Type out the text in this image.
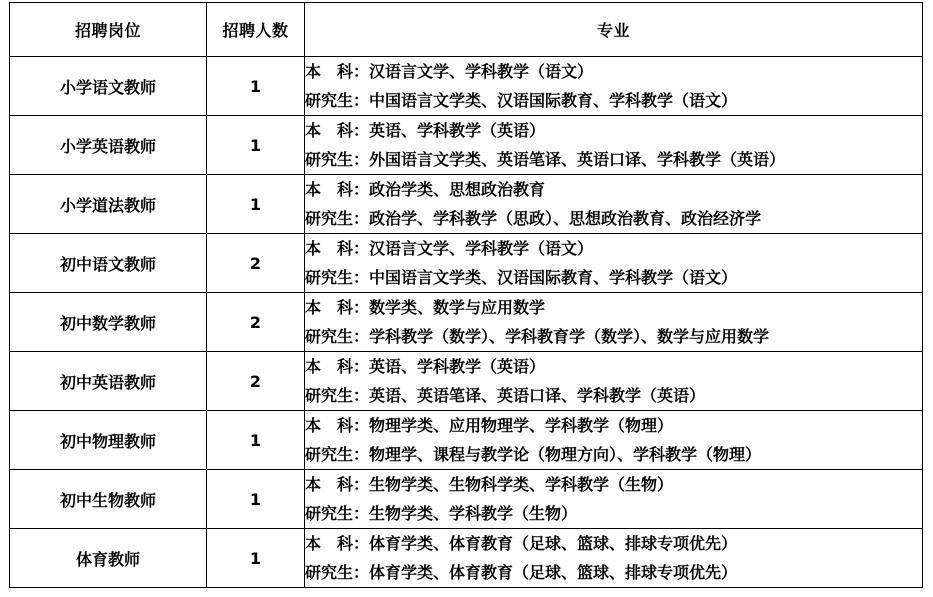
招聘岗位	招聘人数	专业
小学语文教师	1	本　科：汉语言文学、学科教学（语文）
研究生：中国语言文学类、汉语国际教育、学科教学（语文）

小学英语教师	1	本　科：英语、学科教学（英语）
研究生：外国语言文学类、英语笔译、英语口译、学科教学（英语）

小学道法教师	1	本　科：政治学类、思想政治教育
研究生：政治学、学科教学（思政）、思想政治教育、政治经济学

初中语文教师	2	本　科：汉语言文学、学科教学（语文）
研究生：中国语言文学类、汉语国际教育、学科教学（语文）

初中数学教师	2	本　科：数学类、数学与应用数学
研究生：学科教学（数学）、学科教育学（数学）、数学与应用数学

初中英语教师	2	本　科：英语、学科教学（英语）
研究生：英语、英语笔译、英语口译、学科教学（英语）

初中物理教师	1	本　科：物理学类、应用物理学、学科教学（物理）
研究生：物理学、课程与教学论（物理方向）、学科教学（物理）

初中生物教师	1	本　科：生物学类、生物科学类、学科教学（生物）
研究生：生物学类、学科教学（生物）

体育教师	1	本　科：体育学类、体育教育（足球、篮球、排球专项优先）
研究生：体育学类、体育教育（足球、篮球、排球专项优先）
